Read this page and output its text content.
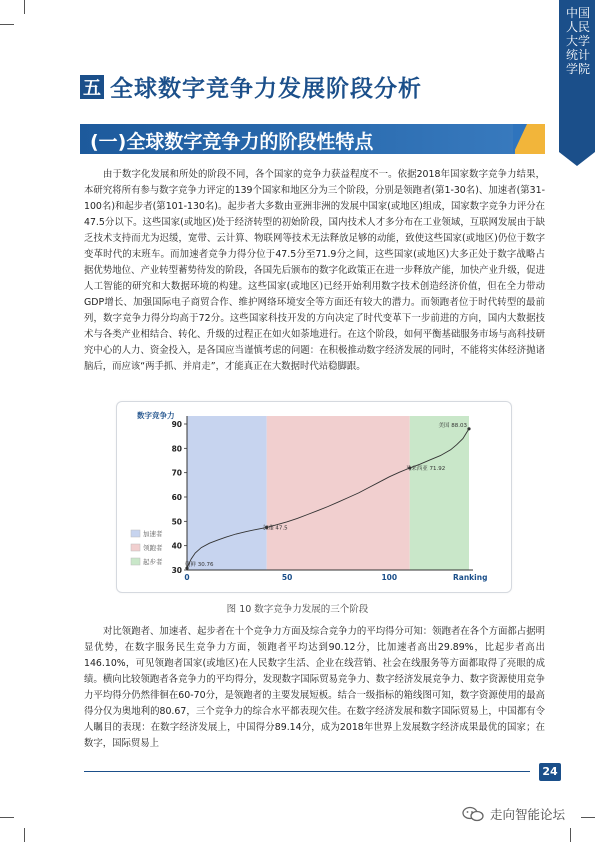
中国人民大学统计学院
五 全球数字竞争力发展阶段分析
(一)全球数字竞争力的阶段性特点

由于数字化发展和所处的阶段不同，各个国家的竞争力获益程度不一。依据2018年国家数字竞争力结果，本研究将所有参与数字竞争力评定的139个国家和地区分为三个阶段，分别是领跑者(第1-30名)、加速者(第31-100名)和起步者(第101-130名)。起步者大多数由亚洲非洲的发展中国家(或地区)组成，国家数字竞争力评分在47.5分以下。这些国家(或地区)处于经济转型的初始阶段，国内技术人才多分布在工业领域，互联网发展由于缺乏技术支持而尤为迟缓，宽带、云计算、物联网等技术无法释放足够的动能，致使这些国家(或地区)仍位于数字变革时代的末班车。而加速者竞争力得分位于47.5分至71.9分之间，这些国家(或地区)大多正处于数字战略占据优势地位、产业转型蓄势待发的阶段，各国先后颁布的数字化政策正在进一步释放产能，加快产业升级，促进人工智能的研究和大数据环境的构建。这些国家(或地区)已经开始利用数字技术创造经济价值，但在全力带动GDP增长、加强国际电子商贸合作、维护网络环境安全等方面还有较大的潜力。而领跑者位于时代转型的最前列，数字竞争力得分均高于72分。这些国家科技开发的方向决定了时代变革下一步前进的方向，国内大数据技术与各类产业相结合、转化、升级的过程正在如火如荼地进行。在这个阶段，如何平衡基础服务市场与高科技研究中心的人力、资金投入，是各国应当谨慎考虑的问题：在积极推动数字经济发展的同时，不能将实体经济抛诸脑后，而应该“两手抓、并肩走”，才能真正在大数据时代站稳脚跟。

30
40
50
60
70
80
90
0	50	100
数字竞争力
Ranking
朝鲜 30.76
加蓬 47.5
马来西亚 71.92
美国 88.03
加速者
领跑者
起步者
图 10 数字竞争力发展的三个阶段

对比领跑者、加速者、起步者在十个竞争力方面及综合竞争力的平均得分可知：领跑者在各个方面都占据明显优势，在数字服务民生竞争力方面，领跑者平均达到90.12分，比加速者高出29.89%，比起步者高出146.10%，可见领跑者国家(或地区)在人民数字生活、企业在线营销、社会在线服务等方面都取得了亮眼的成绩。横向比较领跑者各竞争力的平均得分，发现数字国际贸易竞争力、数字经济发展竞争力、数字资源使用竞争力平均得分仍然徘徊在60-70分，是领跑者的主要发展短板。结合一级指标的箱线图可知，数字资源使用的最高得分仅为奥地利的80.67，三个竞争力的综合水平都表现欠佳。在数字经济发展和数字国际贸易上，中国都有令人瞩目的表现：在数字经济发展上，中国得分89.14分，成为2018年世界上发展数字经济成果最优的国家；在数字，国际贸易上

24
走向智能论坛
